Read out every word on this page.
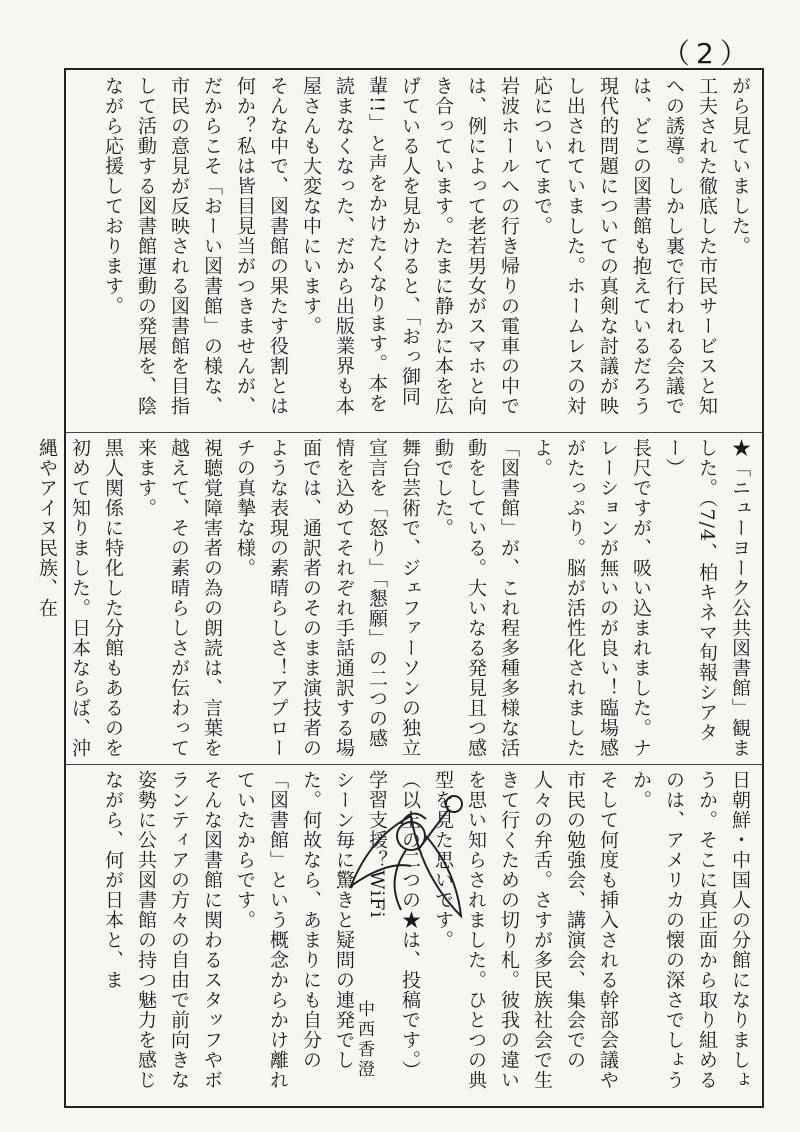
（2）
がら見ていました。
工夫された徹底した市民サービスと知への誘導。しかし裏で行われる会議では、どこの図書館も抱えているだろう現代的問題についての真剣な討議が映し出されていました。ホームレスの対応についてまで。
岩波ホールへの行き帰りの電車の中では、例によって老若男女がスマホと向き合っています。たまに静かに本を広げている人を見かけると、「おっ御同輩!!」と声をかけたくなります。本を読まなくなった、だから出版業界も本屋さんも大変な中にいます。
そんな中で、図書館の果たす役割とは何か？私は皆目見当がつきませんが、だからこそ「おーい図書館」の様な、市民の意見が反映される図書館を目指して活動する図書館運動の発展を、陰ながら応援しております。
★「ニューヨーク公共図書館」観ました。（7/4、柏キネマ旬報シアター）
長尺ですが、吸い込まれました。ナレーションが無いのが良い！臨場感がたっぷり。脳が活性化されましたよ。
「図書館」が、これ程多種多様な活動をしている。大いなる発見且つ感動でした。
舞台芸術で、ジェファーソンの独立宣言を「怒り」「懇願」の二つの感情を込めてそれぞれ手話通訳する場面では、通訳者のそのまま演技者のような表現の素晴らしさ！アプローチの真摯な様。
視聴覚障害者の為の朗読は、言葉を越えて、その素晴らしさが伝わって来ます。
黒人関係に特化した分館もあるのを初めて知りました。日本ならば、沖縄やアイヌ民族、在
日朝鮮・中国人の分館になりましょうか。そこに真正面から取り組めるのは、アメリカの懐の深さでしょうか。
そして何度も挿入される幹部会議や市民の勉強会、講演会、集会での人々の弁舌。さすが多民族社会で生きて行くための切り札。彼我の違いを思い知らされました。ひとつの典型を見た思いです。
（以上の二つの★は、投稿です。）
学習支援？WiFi
シーン毎に驚きと疑問の連発でした。何故なら、あまりにも自分の「図書館」という概念からかけ離れていたからです。
そんな図書館に関わるスタッフやボランティアの方々の自由で前向きな姿勢に公共図書館の持つ魅力を感じながら、何が日本と、ま
中西香澄
